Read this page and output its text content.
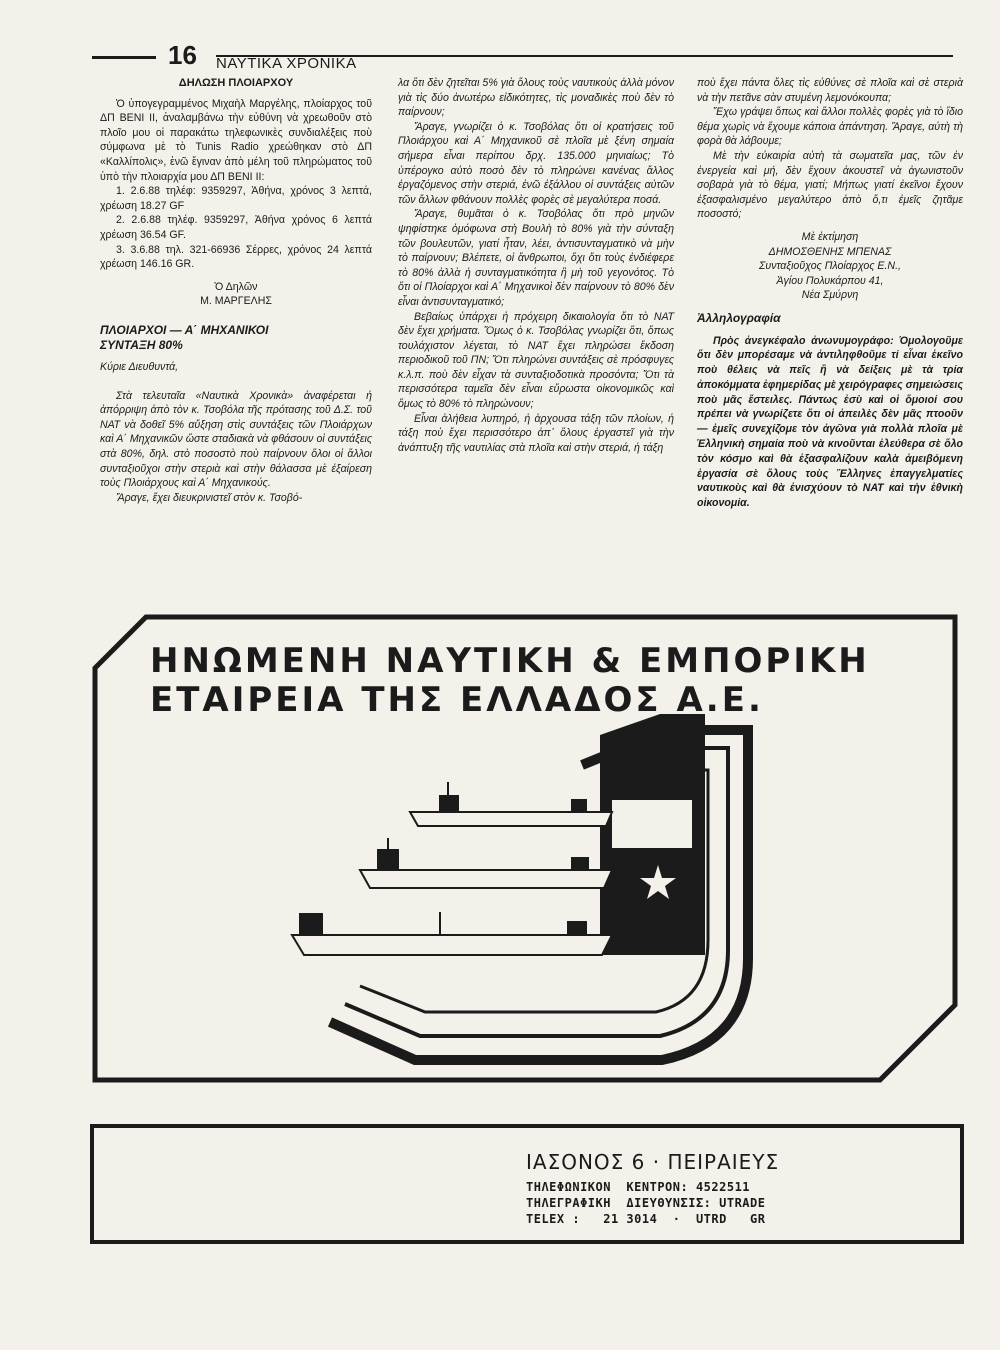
16 ΝΑΥΤΙΚΑ ΧΡΟΝΙΚΑ

ΔΗΛΩΣΗ ΠΛΟΙΑΡΧΟΥ

Ὁ ὑπογεγραμμένος Μιχαὴλ Μαργέλης, πλοίαρχος τοῦ ΔΠ ΒΕΝΙ ΙΙ, ἀναλαμβάνω τὴν εὐθύνη νὰ χρεωθοῦν στὸ πλοῖο μου οἱ παρακάτω τηλεφωνικὲς συνδιαλέξεις ποὺ σύμφωνα μὲ τὸ Tunis Radio χρεώθηκαν στὸ ΔΠ «Καλλίπολις», ἐνῶ ἔγιναν ἀπὸ μέλη τοῦ πληρώματος τοῦ ὑπὸ τὴν πλοιαρχία μου ΔΠ ΒΕΝΙ ΙΙ:

1. 2.6.88 τηλέφ: 9359297, Ἀθήνα, χρόνος 3 λεπτά, χρέωση 18.27 GF

2. 2.6.88 τηλέφ. 9359297, Ἀθήνα χρόνος 6 λεπτά χρέωση 36.54 GF.

3. 3.6.88 τηλ. 321-66936 Σέρρες, χρόνος 24 λεπτά χρέωση 146.16 GR.

Ὁ Δηλῶν

Μ. ΜΑΡΓΕΛΗΣ

ΠΛΟΙΑΡΧΟΙ — Α΄ ΜΗΧΑΝΙΚΟΙ

ΣΥΝΤΑΞΗ 80%

Κύριε Διευθυντά,

Στὰ τελευταῖα «Ναυτικὰ Χρονικὰ» ἀναφέρεται ἡ ἀπόρριψη ἀπὸ τὸν κ. Τσοβόλα τῆς πρότασης τοῦ Δ.Σ. τοῦ ΝΑΤ νὰ δοθεῖ 5% αὔξηση στὶς συντάξεις τῶν Πλοιάρχων καὶ Α΄ Μηχανικῶν ὥστε σταδιακὰ νὰ φθάσουν οἱ συντάξεις στὰ 80%, δηλ. στὸ ποσοστὸ ποὺ παίρνουν ὅλοι οἱ ἄλλοι συνταξιοῦχοι στὴν στεριὰ καὶ στὴν θάλασσα μὲ ἐξαίρεση τοὺς Πλοιάρχους καὶ Α΄ Μηχανικούς.

Ἄραγε, ἔχει διευκρινιστεῖ στὸν κ. Τσοβό-

λα ὅτι δὲν ζητεῖται 5% γιὰ ὅλους τοὺς ναυτικοὺς ἀλλὰ μόνον γιὰ τὶς δύο ἀνωτέρω εἰδικότητες, τὶς μοναδικὲς ποὺ δὲν τὸ παίρνουν;

Ἄραγε, γνωρίζει ὁ κ. Τσοβόλας ὅτι οἱ κρατήσεις τοῦ Πλοιάρχου καὶ Α΄ Μηχανικοῦ σὲ πλοῖα μὲ ξένη σημαία σήμερα εἶναι περίπου δρχ. 135.000 μηνιαίως; Τὸ ὑπέρογκο αὐτὸ ποσὸ δὲν τὸ πληρώνει κανένας ἄλλος ἐργαζόμενος στὴν στεριά, ἐνῶ ἐξάλλου οἱ συντάξεις αὐτῶν τῶν ἄλλων φθάνουν πολλὲς φορὲς σὲ μεγαλύτερα ποσά.

Ἄραγε, θυμᾶται ὁ κ. Τσοβόλας ὅτι πρὸ μηνῶν ψηφίστηκε ὁμόφωνα στὴ Βουλὴ τὸ 80% γιὰ τὴν σύνταξη τῶν βουλευτῶν, γιατί ἦταν, λέει, ἀντισυνταγματικὸ νὰ μὴν τὸ παίρνουν; Βλέπετε, οἱ ἄνθρωποι, ὄχι ὅτι τοὺς ἐνδιέφερε τὸ 80% ἀλλὰ ἡ συνταγματικότητα ἢ μὴ τοῦ γεγονότος. Τὸ ὅτι οἱ Πλοίαρχοι καὶ Α΄ Μηχανικοὶ δὲν παίρνουν τὸ 80% δὲν εἶναι ἀντισυνταγματικό;

Βεβαίως ὑπάρχει ἡ πρόχειρη δικαιολογία ὅτι τὸ ΝΑΤ δὲν ἔχει χρήματα. Ὅμως ὁ κ. Τσοβόλας γνωρίζει ὅτι, ὅπως τουλάχιστον λέγεται, τὸ ΝΑΤ ἔχει πληρώσει ἔκδοση περιοδικοῦ τοῦ ΠΝ; Ὅτι πληρώνει συντάξεις σὲ πρόσφυγες κ.λ.π. ποὺ δὲν εἶχαν τὰ συνταξιοδοτικὰ προσόντα; Ὅτι τὰ περισσότερα ταμεῖα δὲν εἶναι εὔρωστα οἰκονομικῶς καὶ ὅμως τὸ 80% τὸ πληρώνουν;

Εἶναι ἀλήθεια λυπηρό, ἡ ἀρχουσα τάξη τῶν πλοίων, ἡ τάξη ποὺ ἔχει περισσότερο ἀπ᾽ ὅλους ἐργαστεῖ γιὰ τὴν ἀνάπτυξη τῆς ναυτιλίας στὰ πλοῖα καὶ στὴν στεριά, ἡ τάξη

ποὺ ἔχει πάντα ὅλες τὶς εὐθύνες σὲ πλοῖα καὶ σὲ στεριὰ νὰ τὴν πετᾶνε σὰν στυμένη λεμονόκουπα;

Ἔχω γράψει ὅπως καὶ ἄλλοι πολλὲς φορὲς γιὰ τὸ ἴδιο θέμα χωρὶς νὰ ἔχουμε κάποια ἀπάντηση. Ἄραγε, αὐτὴ τὴ φορὰ θὰ λάβουμε;

Μὲ τὴν εὐκαιρία αὐτὴ τὰ σωματεῖα μας, τῶν ἐν ἐνεργεία καὶ μή, δὲν ἔχουν ἀκουστεῖ νὰ ἀγωνιστοῦν σοβαρὰ γιὰ τὸ θέμα, γιατί; Μήπως γιατί ἐκεῖνοι ἔχουν ἐξασφαλισμένο μεγαλύτερο ἀπὸ ὅ,τι ἐμεῖς ζητᾶμε ποσοστό;

Μὲ ἐκτίμηση

ΔΗΜΟΣΘΕΝΗΣ ΜΠΕΝΑΣ

Συνταξιοῦχος Πλοίαρχος Ε.Ν.,

Ἁγίου Πολυκάρπου 41,

Νέα Σμύρνη

Ἀλληλογραφία

Πρὸς ἀνεγκέφαλο ἀνωνυμογράφο: Ὁμολογοῦμε ὅτι δὲν μπορέσαμε νὰ ἀντιληφθοῦμε τί εἶναι ἐκεῖνο ποὺ θέλεις νὰ πεῖς ἢ νὰ δείξεις μὲ τὰ τρία ἀποκόμματα ἐφημερίδας μὲ χειρόγραφες σημειώσεις ποὺ μᾶς ἔστειλες. Πάντως ἐσὺ καὶ οἱ ὅμοιοί σου πρέπει νὰ γνωρίζετε ὅτι οἱ ἀπειλὲς δὲν μᾶς πτοοῦν — ἐμεῖς συνεχίζομε τὸν ἀγῶνα γιὰ πολλὰ πλοῖα μὲ Ἑλληνικὴ σημαία ποὺ νὰ κινοῦνται ἐλεύθερα σὲ ὅλο τὸν κόσμο καὶ θὰ ἐξασφαλίζουν καλὰ ἀμειβόμενη ἐργασία σὲ ὅλους τοὺς Ἕλληνες ἐπαγγελματίες ναυτικοὺς καὶ θὰ ἐνισχύουν τὸ ΝΑΤ καὶ τὴν ἐθνικὴ οἰκονομία.

ΗΝΩΜΕΝΗ ΝΑΥΤΙΚΗ & ΕΜΠΟΡΙΚΗ
ΕΤΑΙΡΕΙΑ ΤΗΣ ΕΛΛΑΔΟΣ Α.Ε.
ΙΑΣΟΝΟΣ 6 · ΠΕΙΡΑΙΕΥΣ
ΤΗΛΕΦΩΝΙΚΟΝ  ΚΕΝΤΡΟΝ: 4522511
ΤΗΛΕΓΡΑΦΙΚΗ  ΔΙΕΥΘΥΝΣΙΣ: UTRADE
TELEX :   21 3014  ·  UTRD   GR
